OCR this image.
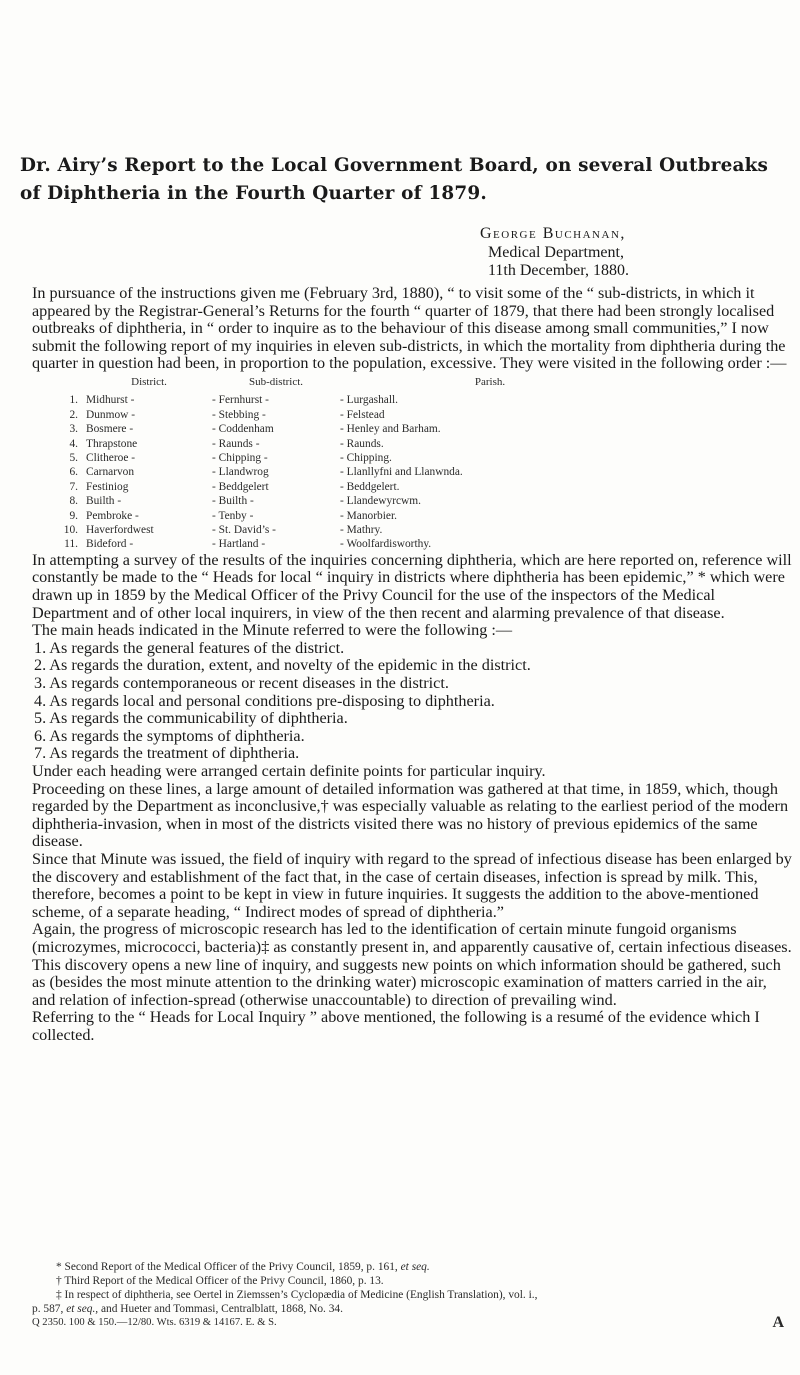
Dr. Airy’s Report to the Local Government Board, on several Outbreaks of Diphtheria in the Fourth Quarter of 1879.
George Buchanan,
Medical Department,
11th December, 1880.

In pursuance of the instructions given me (February 3rd, 1880), “ to visit some of the “ sub-districts, in which it appeared by the Registrar-General’s Returns for the fourth “ quarter of 1879, that there had been strongly localised outbreaks of diphtheria, in “ order to inquire as to the behaviour of this disease among small communities,” I now submit the following report of my inquiries in eleven sub-districts, in which the mortality from diphtheria during the quarter in question had been, in proportion to the population, excessive. They were visited in the following order :—

	District.	Sub-district.	Parish.
1.	Midhurst -	- Fernhurst -	- Lurgashall.
2.	Dunmow -	- Stebbing -	- Felstead
3.	Bosmere -	- Coddenham	- Henley and Barham.
4.	Thrapstone	- Raunds -	- Raunds.
5.	Clitheroe -	- Chipping -	- Chipping.
6.	Carnarvon	- Llandwrog	- Llanllyfni and Llanwnda.
7.	Festiniog	- Beddgelert	- Beddgelert.
8.	Builth -	- Builth -	- Llandewyrcwm.
9.	Pembroke -	- Tenby -	- Manorbier.
10.	Haverfordwest	- St. David’s -	- Mathry.
11.	Bideford -	- Hartland -	- Woolfardisworthy.

In attempting a survey of the results of the inquiries concerning diphtheria, which are here reported on, reference will constantly be made to the “ Heads for local “ inquiry in districts where diphtheria has been epidemic,” * which were drawn up in 1859 by the Medical Officer of the Privy Council for the use of the inspectors of the Medical Department and of other local inquirers, in view of the then recent and alarming prevalence of that disease.

The main heads indicated in the Minute referred to were the following :—

1. As regards the general features of the district.
2. As regards the duration, extent, and novelty of the epidemic in the district.
3. As regards contemporaneous or recent diseases in the district.
4. As regards local and personal conditions pre-disposing to diphtheria.
5. As regards the communicability of diphtheria.
6. As regards the symptoms of diphtheria.
7. As regards the treatment of diphtheria.

Under each heading were arranged certain definite points for particular inquiry.

Proceeding on these lines, a large amount of detailed information was gathered at that time, in 1859, which, though regarded by the Department as inconclusive,† was especially valuable as relating to the earliest period of the modern diphtheria-invasion, when in most of the districts visited there was no history of previous epidemics of the same disease.

Since that Minute was issued, the field of inquiry with regard to the spread of infectious disease has been enlarged by the discovery and establishment of the fact that, in the case of certain diseases, infection is spread by milk. This, therefore, becomes a point to be kept in view in future inquiries. It suggests the addition to the above-mentioned scheme, of a separate heading, “ Indirect modes of spread of diphtheria.”

Again, the progress of microscopic research has led to the identification of certain minute fungoid organisms (microzymes, micrococci, bacteria)‡ as constantly present in, and apparently causative of, certain infectious diseases. This discovery opens a new line of inquiry, and suggests new points on which information should be gathered, such as (besides the most minute attention to the drinking water) microscopic examination of matters carried in the air, and relation of infection-spread (otherwise unaccountable) to direction of prevailing wind.

Referring to the “ Heads for Local Inquiry ” above mentioned, the following is a resumé of the evidence which I collected.

* Second Report of the Medical Officer of the Privy Council, 1859, p. 161, et seq.

† Third Report of the Medical Officer of the Privy Council, 1860, p. 13.

‡ In respect of diphtheria, see Oertel in Ziemssen’s Cyclopædia of Medicine (English Translation), vol. i.,

p. 587, et seq., and Hueter and Tommasi, Centralblatt, 1868, No. 34.

Q 2350. 100 & 150.—12/80. Wts. 6319 & 14167. E. & S.	A
